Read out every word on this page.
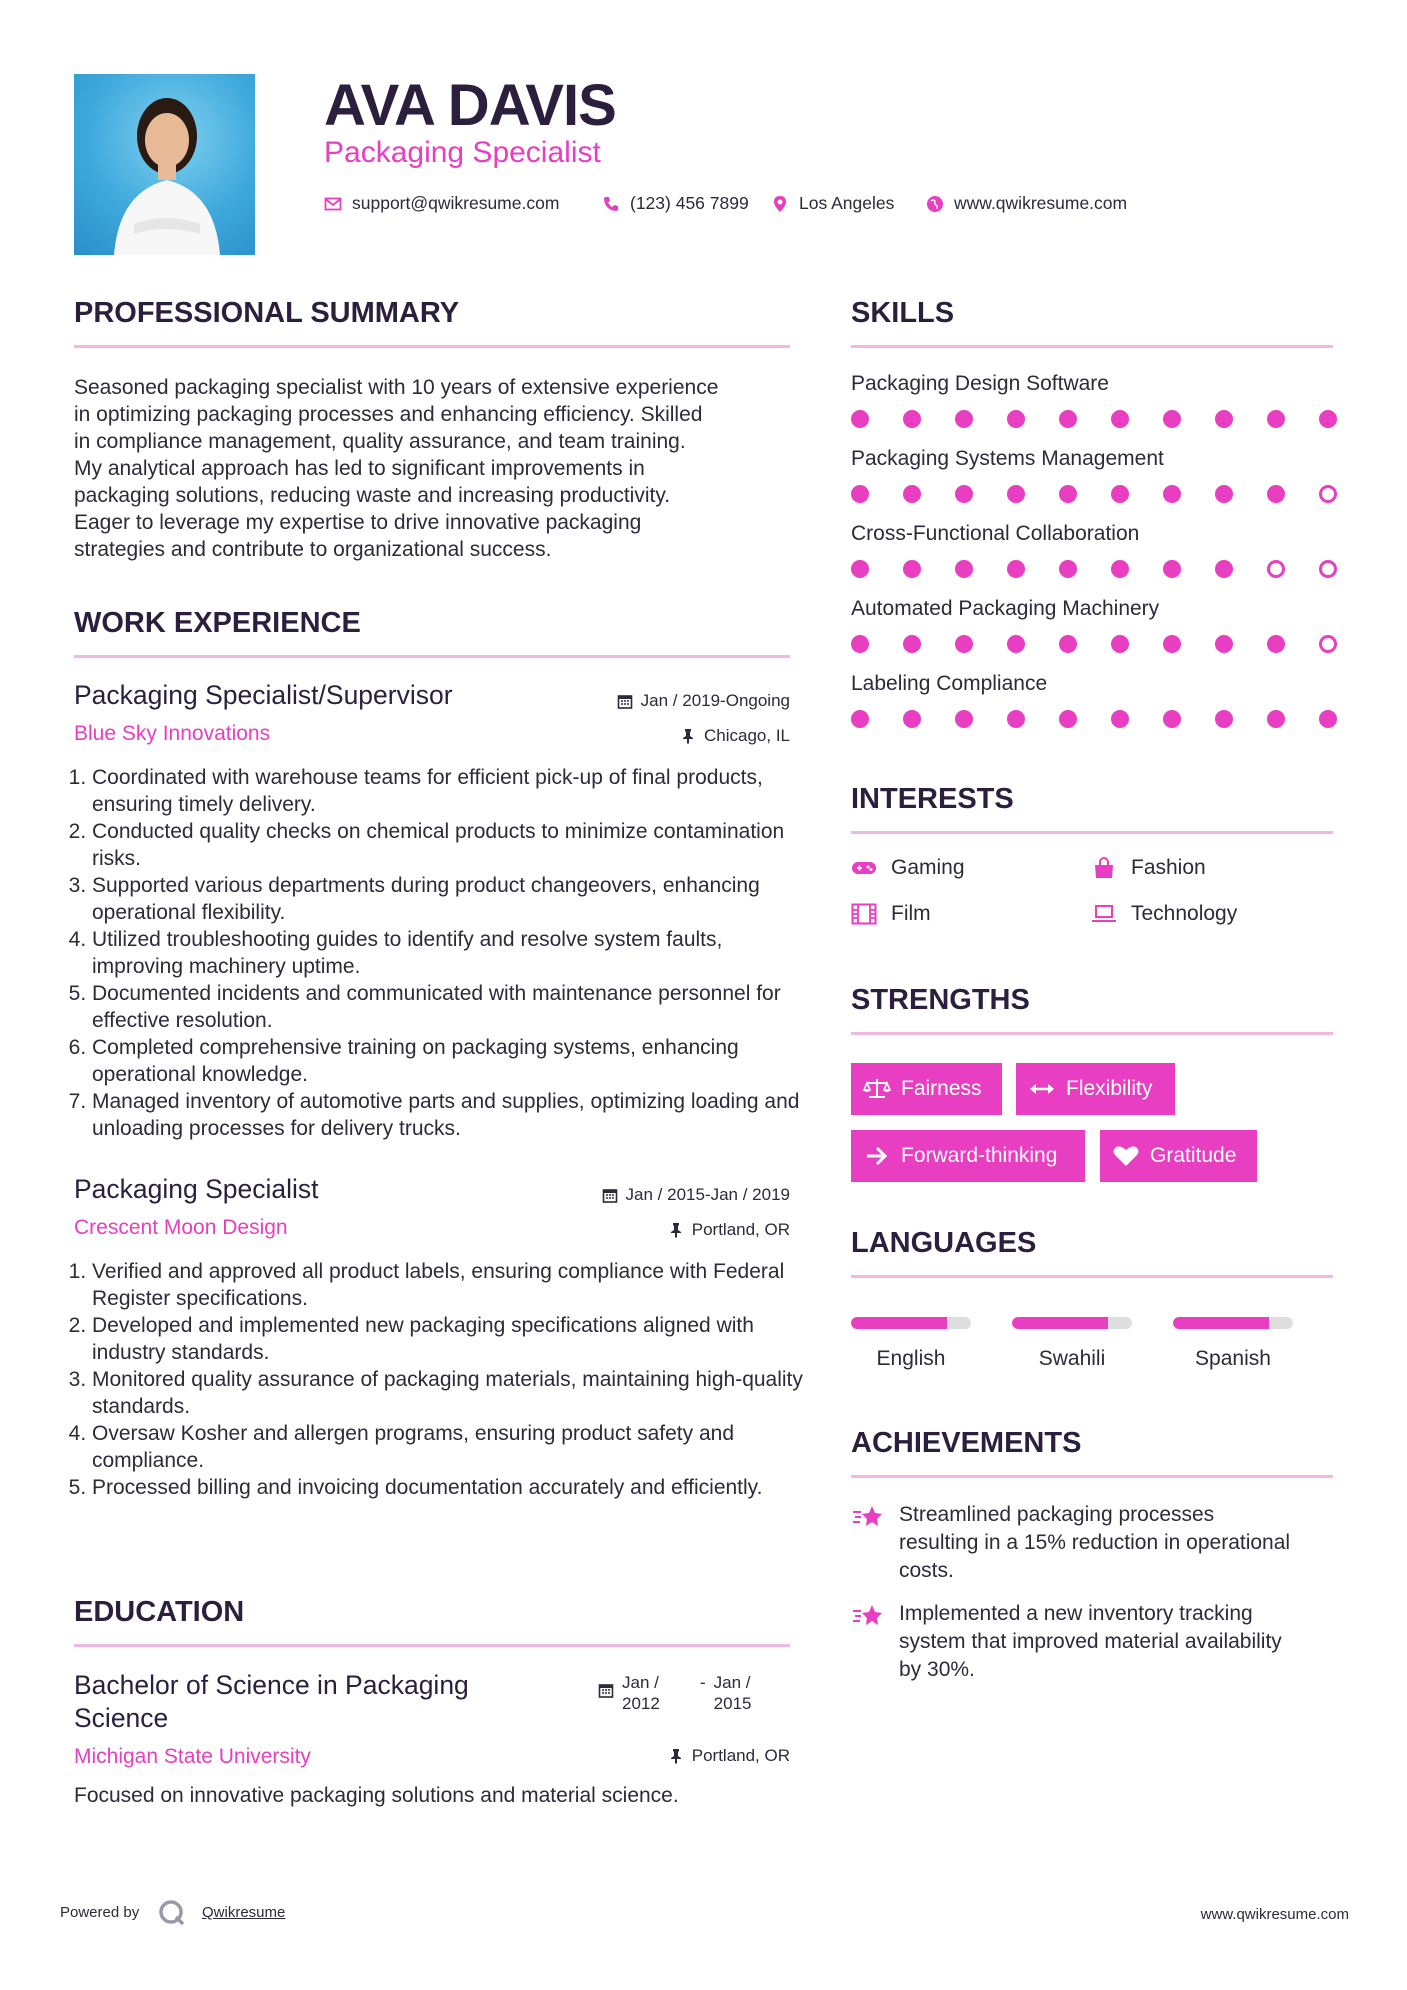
AVA DAVIS
Packaging Specialist
support@qwikresume.com	(123) 456 7899	Los Angeles	www.qwikresume.com
PROFESSIONAL SUMMARY
Seasoned packaging specialist with 10 years of extensive experience
in optimizing packaging processes and enhancing efficiency. Skilled
in compliance management, quality assurance, and team training.
My analytical approach has led to significant improvements in
packaging solutions, reducing waste and increasing productivity.
Eager to leverage my expertise to drive innovative packaging
strategies and contribute to organizational success.
WORK EXPERIENCE
Packaging Specialist/Supervisor	Jan / 2019-Ongoing
Blue Sky Innovations	Chicago, IL
1. Coordinated with warehouse teams for efficient pick-up of final products, ensuring timely delivery.
2. Conducted quality checks on chemical products to minimize contamination risks.
3. Supported various departments during product changeovers, enhancing operational flexibility.
4. Utilized troubleshooting guides to identify and resolve system faults, improving machinery uptime.
5. Documented incidents and communicated with maintenance personnel for effective resolution.
6. Completed comprehensive training on packaging systems, enhancing operational knowledge.
7. Managed inventory of automotive parts and supplies, optimizing loading and unloading processes for delivery trucks.
Packaging Specialist	Jan / 2015-Jan / 2019
Crescent Moon Design	Portland, OR
1. Verified and approved all product labels, ensuring compliance with Federal Register specifications.
2. Developed and implemented new packaging specifications aligned with industry standards.
3. Monitored quality assurance of packaging materials, maintaining high-quality standards.
4. Oversaw Kosher and allergen programs, ensuring product safety and compliance.
5. Processed billing and invoicing documentation accurately and efficiently.
EDUCATION
Bachelor of Science in Packaging
Science
Jan /
2012
- Jan /
2015
Michigan State University	Portland, OR
Focused on innovative packaging solutions and material science.
SKILLS
Packaging Design Software
Packaging Systems Management
Cross-Functional Collaboration
Automated Packaging Machinery
Labeling Compliance
INTERESTS
Gaming	Fashion
Film	Technology
STRENGTHS
Fairness	Flexibility
Forward-thinking	Gratitude
LANGUAGES
English	Swahili	Spanish
ACHIEVEMENTS
Streamlined packaging processes
resulting in a 15% reduction in operational
costs.
Implemented a new inventory tracking
system that improved material availability
by 30%.
Powered by	Qwikresume	www.qwikresume.com
